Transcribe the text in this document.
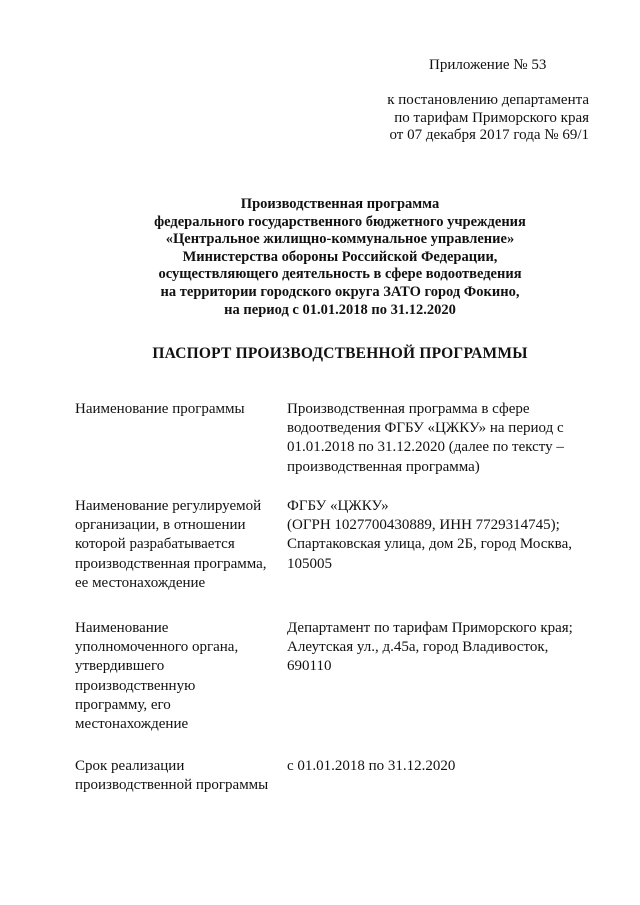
Приложение № 53
к постановлению департамента
по тарифам Приморского края
от 07 декабря 2017 года № 69/1
Производственная программа
федерального государственного бюджетного учреждения
«Центральное жилищно-коммунальное управление»
Министерства обороны Российской Федерации,
осуществляющего деятельность в сфере водоотведения
на территории городского округа ЗАТО город Фокино,
на период с 01.01.2018 по 31.12.2020
ПАСПОРТ ПРОИЗВОДСТВЕННОЙ ПРОГРАММЫ
Наименование программы	Производственная программа в сфере
водоотведения ФГБУ «ЦЖКУ» на период с
01.01.2018 по 31.12.2020 (далее по тексту –
производственная программа)
Наименование регулируемой
организации, в отношении
которой разрабатывается
производственная программа,
ее местонахождение
ФГБУ «ЦЖКУ»
(ОГРН 1027700430889, ИНН 7729314745);
Спартаковская улица, дом 2Б, город Москва,
105005
Наименование
уполномоченного органа,
утвердившего
производственную
программу, его
местонахождение
Департамент по тарифам Приморского края;
Алеутская ул., д.45а, город Владивосток,
690110
Срок реализации
производственной программы
с 01.01.2018 по 31.12.2020
